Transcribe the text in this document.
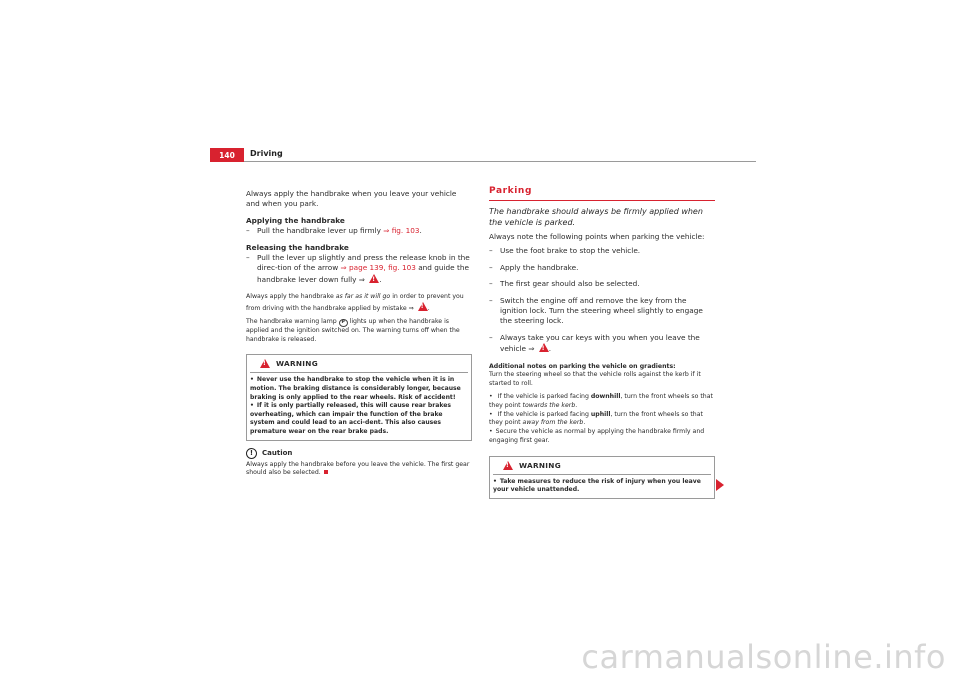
140	Driving

Always apply the handbrake when you leave your vehicle and when you park.

Applying the handbrake

– Pull the handbrake lever up firmly ⇒ fig. 103.

Releasing the handbrake

– Pull the lever up slightly and press the release knob in the direc-tion of the arrow ⇒ page 139, fig. 103 and guide the handbrake lever down fully ⇒ ! .

Always apply the handbrake as far as it will go in order to prevent you from driving with the handbrake applied by mistake ⇒ ! .

The handbrake warning lamp P lights up when the handbrake is applied and the ignition switched on. The warning turns off when the handbrake is released.

!
WARNING

• Never use the handbrake to stop the vehicle when it is in motion. The braking distance is considerably longer, because braking is only applied to the rear wheels. Risk of accident!

• If it is only partially released, this will cause rear brakes overheating, which can impair the function of the brake system and could lead to an acci-dent. This also causes premature wear on the rear brake pads.

!	Caution

Always apply the handbrake before you leave the vehicle. The first gear should also be selected.

Parking

The handbrake should always be firmly applied when the vehicle is parked.

Always note the following points when parking the vehicle:

– Use the foot brake to stop the vehicle.

– Apply the handbrake.

– The first gear should also be selected.

– Switch the engine off and remove the key from the ignition lock. Turn the steering wheel slightly to engage the steering lock.

– Always take you car keys with you when you leave the vehicle ⇒ ! .

Additional notes on parking the vehicle on gradients:

Turn the steering wheel so that the vehicle rolls against the kerb if it started to roll.

• If the vehicle is parked facing downhill, turn the front wheels so that they point towards the kerb.

• If the vehicle is parked facing uphill, turn the front wheels so that they point away from the kerb.

• Secure the vehicle as normal by applying the handbrake firmly and engaging first gear.

!
WARNING

• Take measures to reduce the risk of injury when you leave your vehicle unattended.

carmanualsonline.info
